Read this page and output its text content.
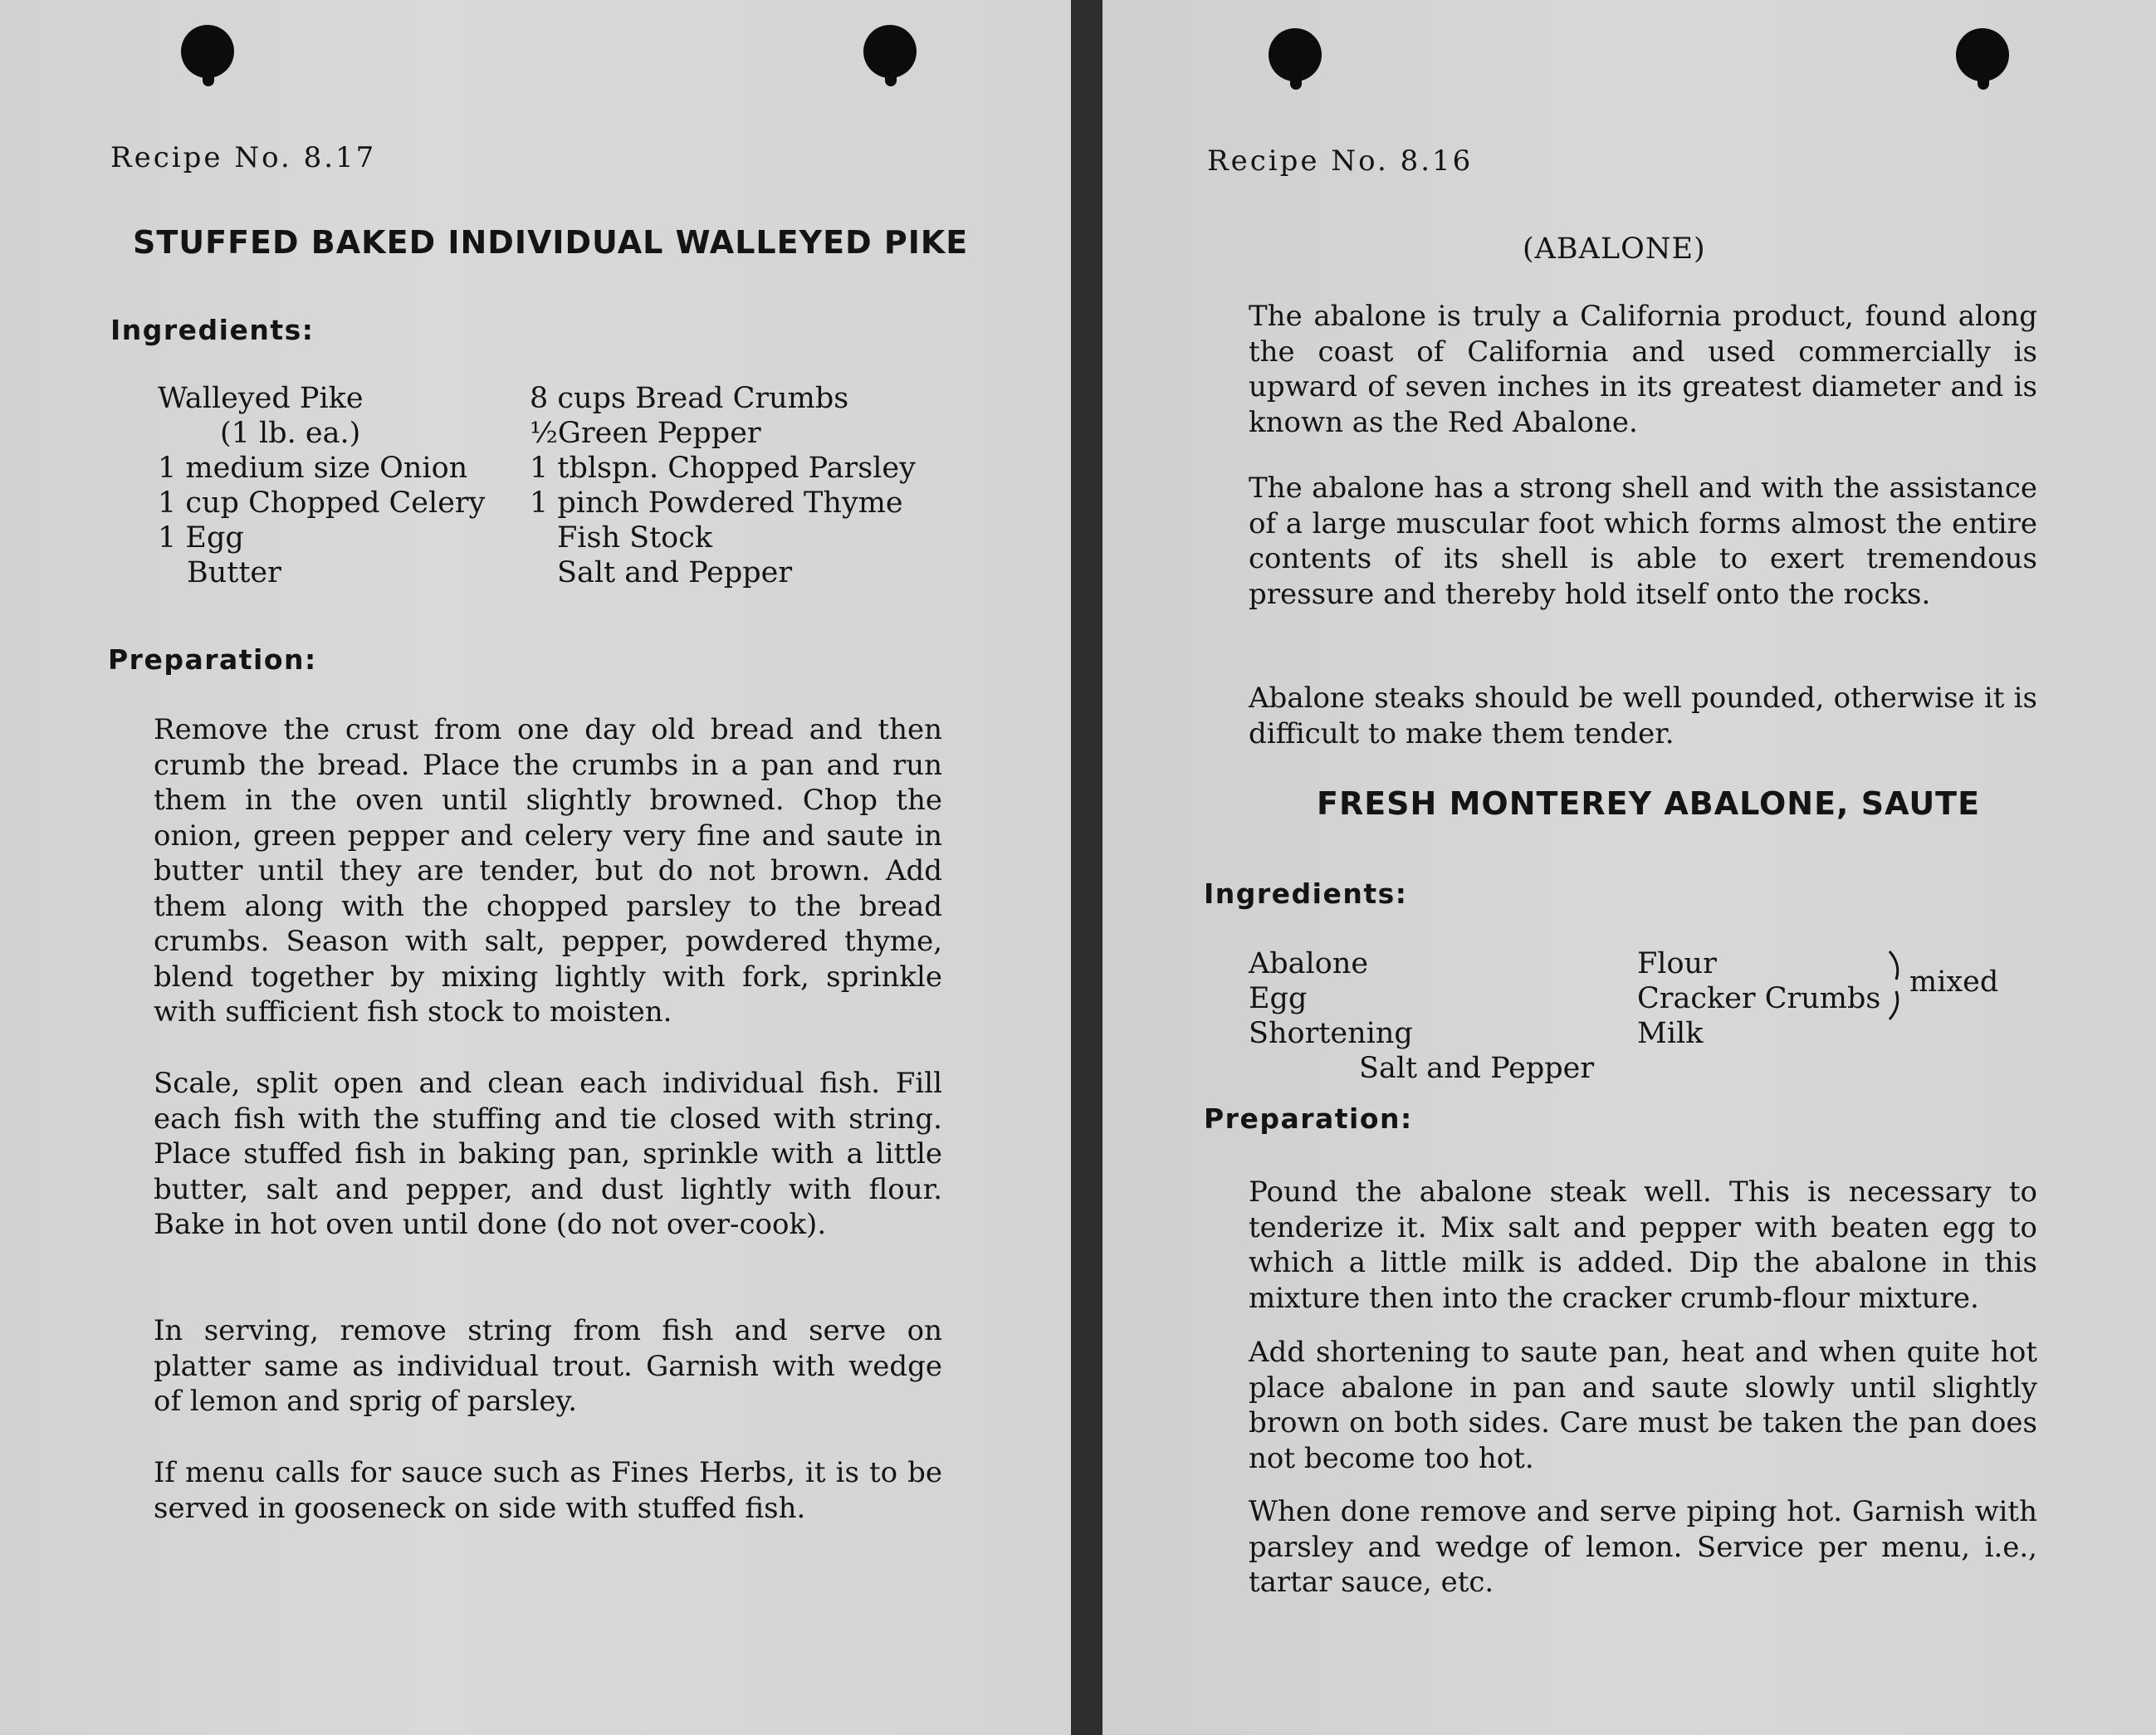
Recipe No. 8.17
STUFFED BAKED INDIVIDUAL WALLEYED PIKE
Ingredients:
Walleyed Pike
(1 lb. ea.)
1 medium size Onion
1 cup Chopped Celery
1 Egg
Butter
8 cups Bread Crumbs
½Green Pepper
1 tblspn. Chopped Parsley
1 pinch Powdered Thyme
Fish Stock
Salt and Pepper
Preparation:

Remove the crust from one day old bread and then crumb the bread. Place the crumbs in a pan and run them in the oven until slightly browned. Chop the onion, green pepper and celery very fine and saute in butter until they are tender, but do not brown. Add them along with the chopped parsley to the bread crumbs. Season with salt, pepper, powdered thyme, blend together by mixing lightly with fork, sprinkle with sufficient fish stock to moisten.

Scale, split open and clean each individual fish. Fill each fish with the stuffing and tie closed with string. Place stuffed fish in baking pan, sprinkle with a little butter, salt and pepper, and dust lightly with flour. Bake in hot oven until done (do not over-cook).

In serving, remove string from fish and serve on platter same as individual trout. Garnish with wedge of lemon and sprig of parsley.

If menu calls for sauce such as Fines Herbs, it is to be served in gooseneck on side with stuffed fish.

Recipe No. 8.16
(ABALONE)

The abalone is truly a California product, found along the coast of California and used commercially is upward of seven inches in its greatest diameter and is known as the Red Abalone.

The abalone has a strong shell and with the assistance of a large muscular foot which forms almost the entire contents of its shell is able to exert tremendous pressure and thereby hold itself onto the rocks.

Abalone steaks should be well pounded, otherwise it is difficult to make them tender.

FRESH MONTEREY ABALONE, SAUTE
Ingredients:
Abalone
Egg
Shortening
Salt and Pepper
Flour
Cracker Crumbs
Milk
mixed
Preparation:

Pound the abalone steak well. This is necessary to tenderize it. Mix salt and pepper with beaten egg to which a little milk is added. Dip the abalone in this mixture then into the cracker crumb-flour mixture.

Add shortening to saute pan, heat and when quite hot place abalone in pan and saute slowly until slightly brown on both sides. Care must be taken the pan does not become too hot.

When done remove and serve piping hot. Garnish with parsley and wedge of lemon. Service per menu, i.e., tartar sauce, etc.
